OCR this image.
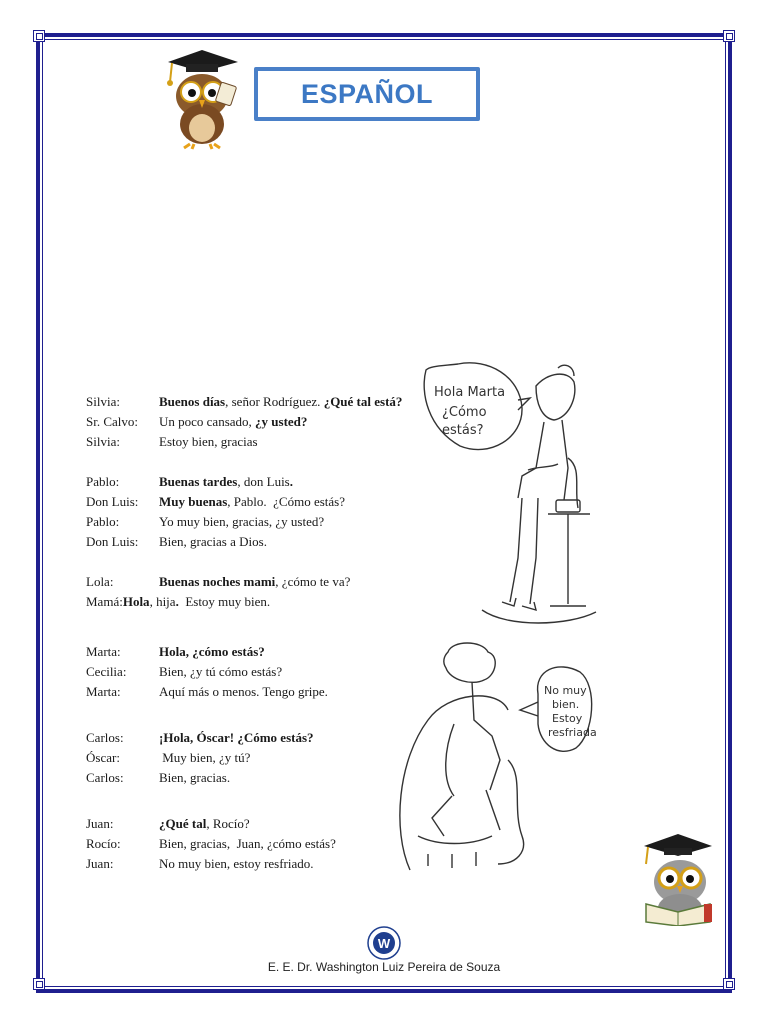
ESPAÑOL
Silvia:	Buenos días, señor Rodríguez. ¿Qué tal está?
Sr. Calvo:	Un poco cansado, ¿y usted?
Silvia:	Estoy bien, gracias
Pablo:	Buenas tardes, don Luis.
Don Luis:	Muy buenas, Pablo.  ¿Cómo estás?
Pablo:	Yo muy bien, gracias, ¿y usted?
Don Luis:	Bien, gracias a Dios.
Lola:	Buenas noches mami, ¿cómo te va?
Mamá: Hola, hija.  Estoy muy bien.
Marta:	Hola, ¿cómo estás?
Cecilia:	Bien, ¿y tú cómo estás?
Marta:	Aquí más o menos. Tengo gripe.
Carlos:	¡Hola, Óscar! ¿Cómo estás?
Óscar:	Muy bien, ¿y tú?
Carlos:	Bien, gracias.
Juan:	¿Qué tal, Rocío?
Rocío:	Bien, gracias,  Juan, ¿cómo estás?
Juan:	No muy bien, estoy resfriado.
Hola Marta
¿Cómo
estás?
No muy
bien.
Estoy
resfriada
W
E. E. Dr. Washington Luiz Pereira de Souza
